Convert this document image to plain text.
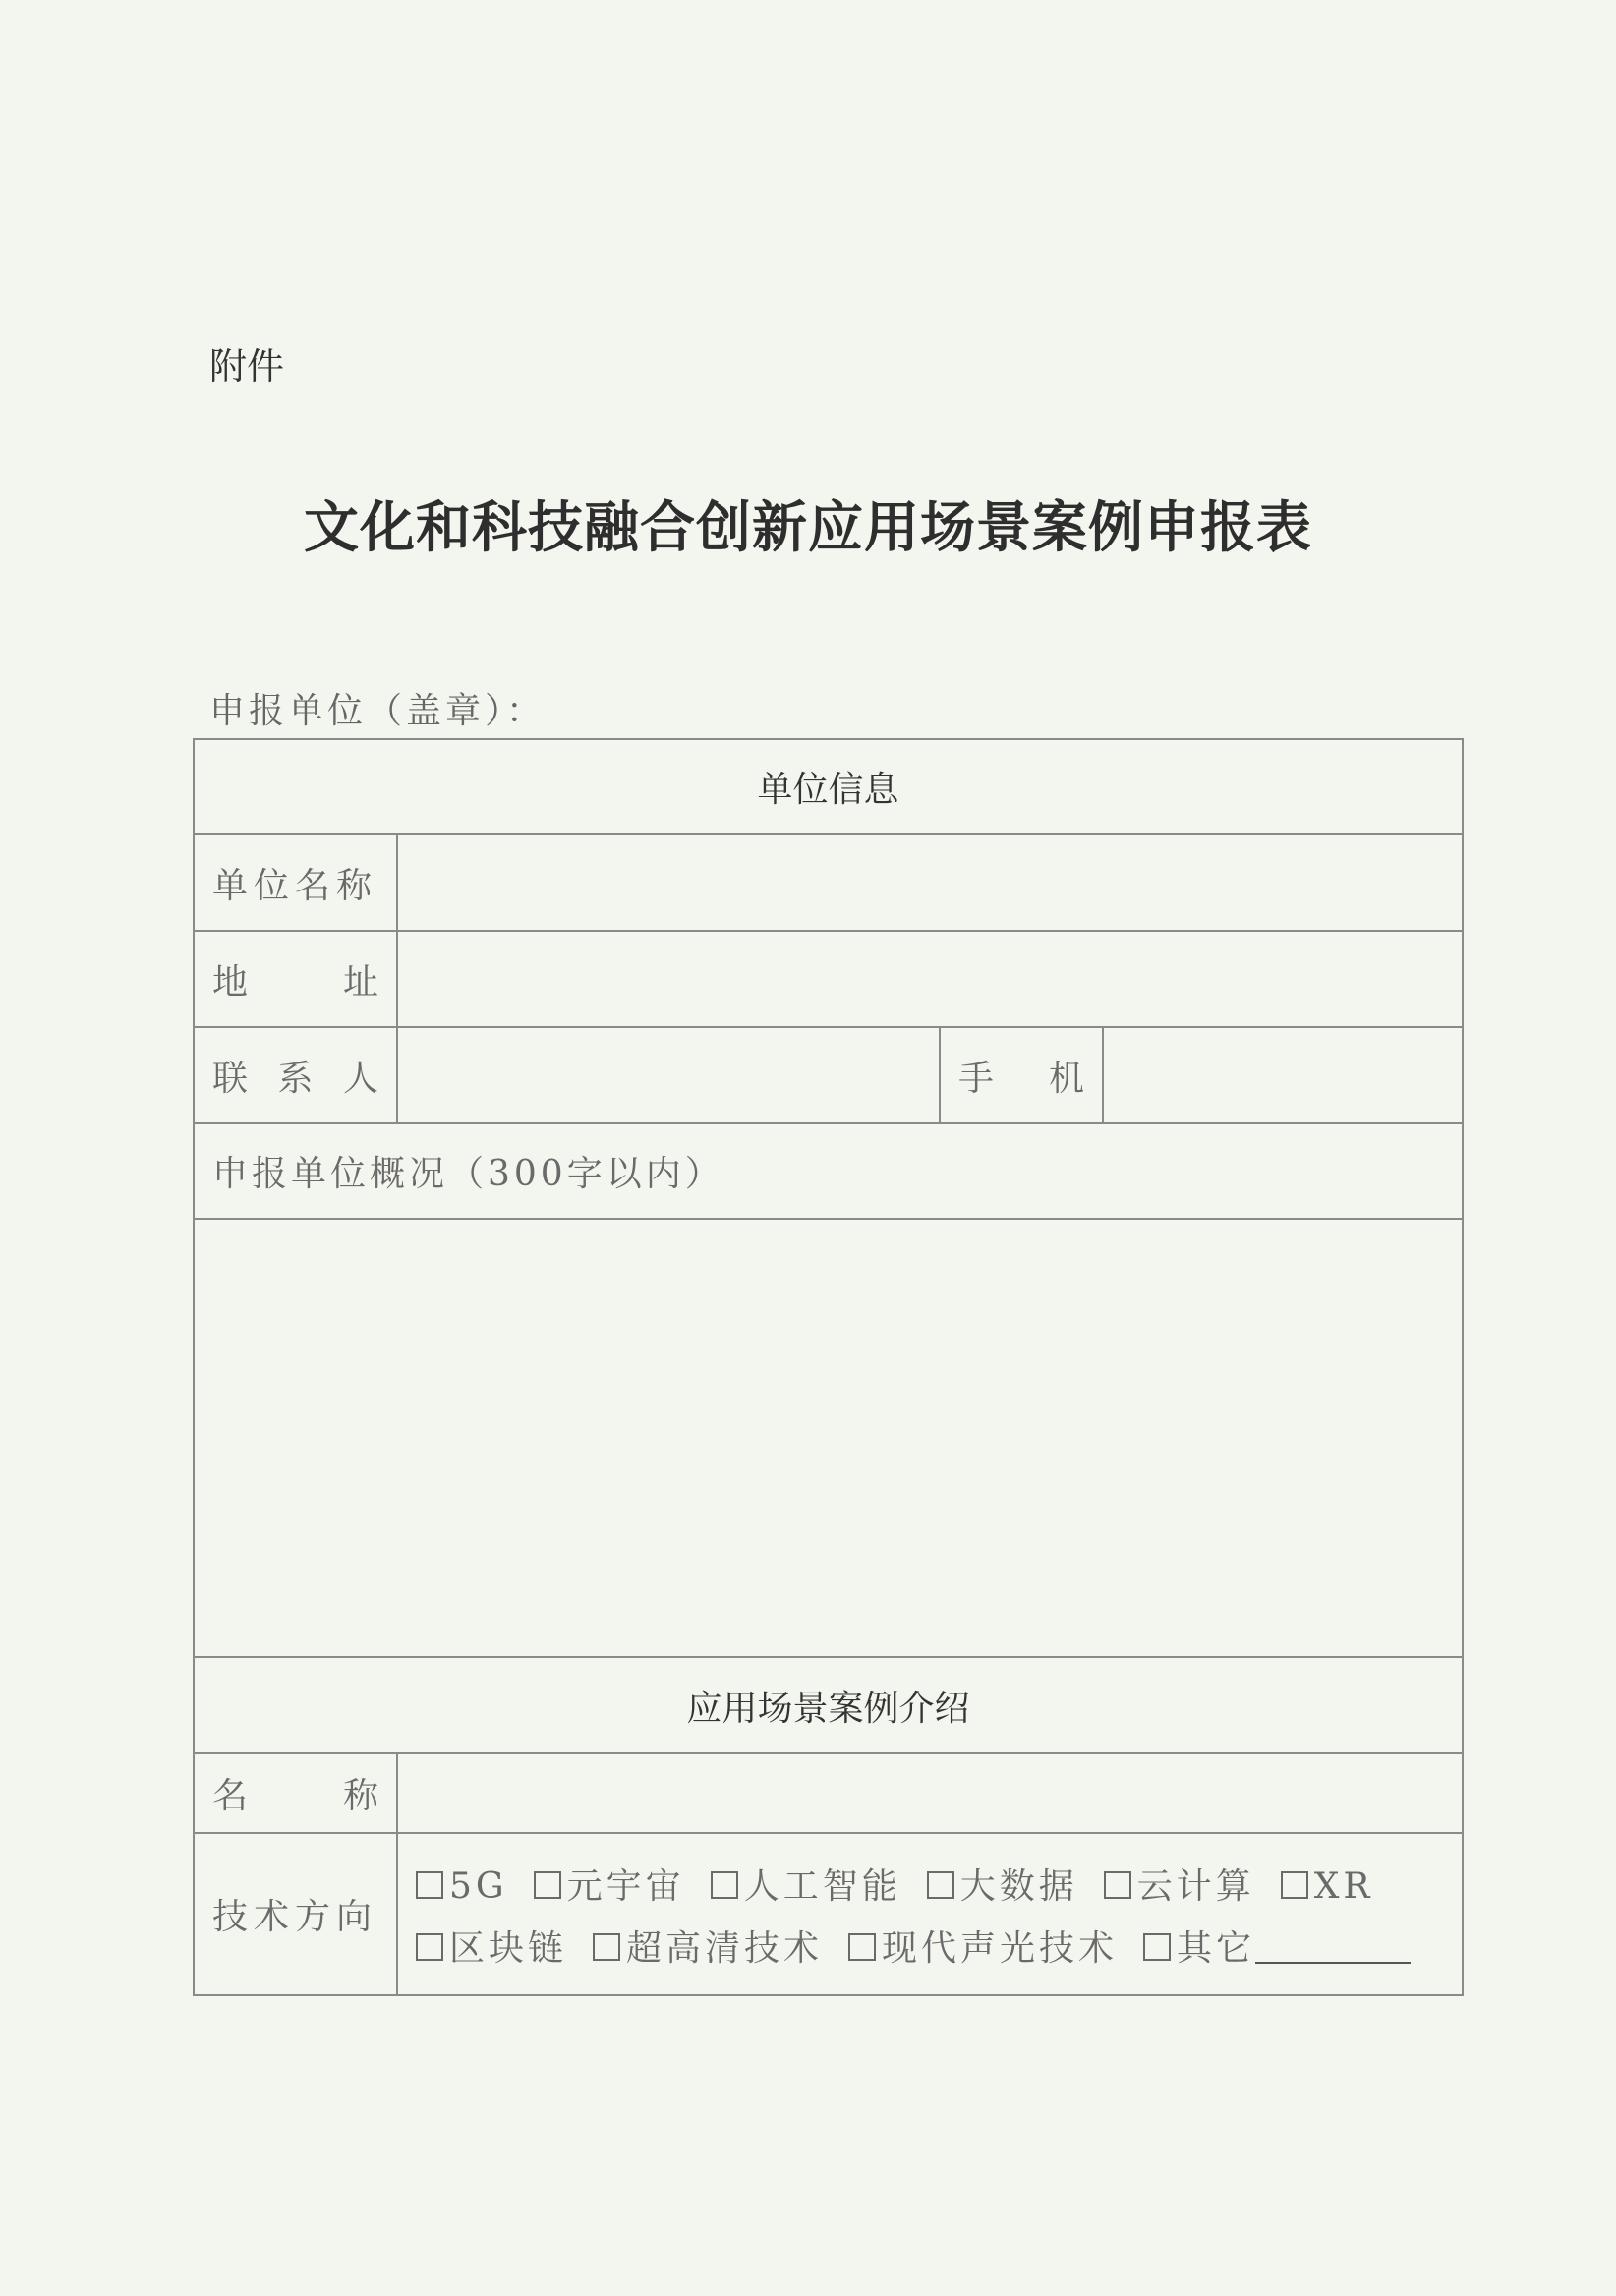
附件
文化和科技融合创新应用场景案例申报表
申报单位（盖章）：
单位信息			
单位名称			

地 址			

联 系 人		手 机	

申报单位概况（300字以内）			

应用场景案例介绍			

名 称			

技术方向	5G 元宇宙 人工智能 大数据 云计算 XR
区块链 超高清技术 现代声光技术 其它		
